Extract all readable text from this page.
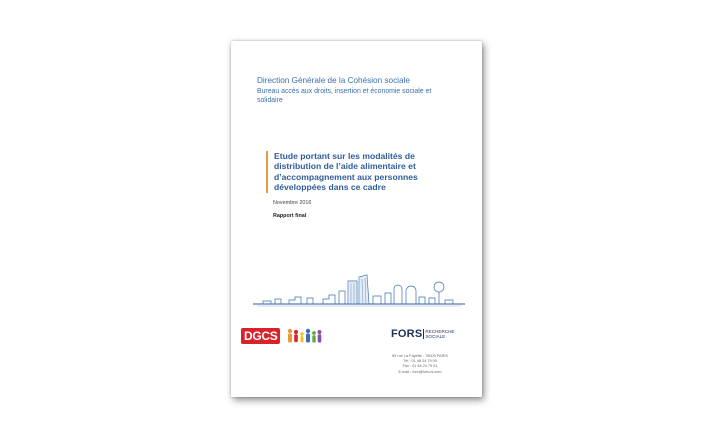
Direction Générale de la Cohésion sociale
Bureau accès aux droits, insertion et économie sociale et solidaire
Etude portant sur les modalités de distribution de l’aide alimentaire et d’accompagnement aux personnes développées dans ce cadre
Novembre 2016
Rapport final
DGCS	FORS RECHERCHE
SOCIALE
69 rue La Fayette - 75009 PARIS
Tél : 01 48 24 79 00
Fax : 01 48 24 79 01
E-mail : fors@fors-rs.com
